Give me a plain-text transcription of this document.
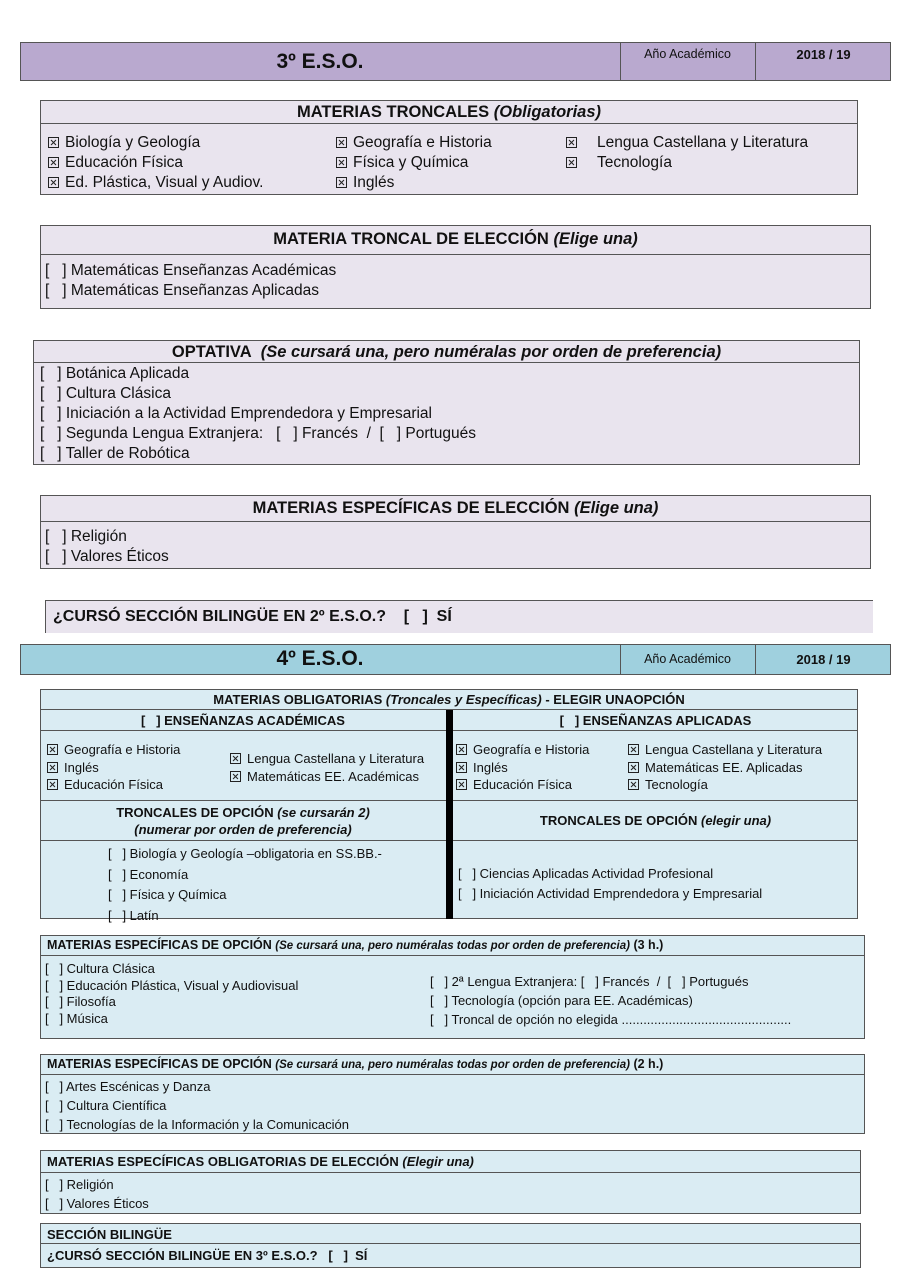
3º E.S.O.	Año Académico	2018 / 19
MATERIAS TRONCALES (Obligatorias)
Biología y Geología
Educación Física
Ed. Plástica, Visual y Audiov.
Geografía e Historia
Física y Química
Inglés
Lengua Castellana y Literatura
Tecnología
MATERIA TRONCAL DE ELECCIÓN (Elige una)
[   ] Matemáticas Enseñanzas Académicas
[   ] Matemáticas Enseñanzas Aplicadas
OPTATIVA (Se cursará una, pero numéralas por orden de preferencia)
[   ] Botánica Aplicada
[   ] Cultura Clásica
[   ] Iniciación a la Actividad Emprendedora y Empresarial
[   ] Segunda Lengua Extranjera:   [   ] Francés /  [   ] Portugués
[   ] Taller de Robótica
MATERIAS ESPECÍFICAS DE ELECCIÓN (Elige una)
[   ] Religión
[   ] Valores Éticos
¿CURSÓ SECCIÓN BILINGÜE EN 2º E.S.O.?    [   ]  SÍ
4º E.S.O.	Año Académico	2018 / 19
MATERIAS OBLIGATORIAS (Troncales y Específicas) - ELEGIR UNAOPCIÓN
[   ] ENSEÑANZAS ACADÉMICAS	[   ] ENSEÑANZAS APLICADAS
Geografía e Historia
Inglés
Educación Física
Lengua Castellana y Literatura
Matemáticas EE. Académicas
Geografía e Historia
Inglés
Educación Física
Lengua Castellana y Literatura
Matemáticas EE. Aplicadas
Tecnología
TRONCALES DE OPCIÓN (se cursarán 2)
(numerar por orden de preferencia)
TRONCALES DE OPCIÓN (elegir una)
[   ] Biología y Geología –obligatoria en SS.BB.-
[   ] Economía
[   ] Física y Química
[   ] Latín
[   ] Ciencias Aplicadas Actividad Profesional
[   ] Iniciación Actividad Emprendedora y Empresarial
MATERIAS ESPECÍFICAS DE OPCIÓN (Se cursará una, pero numéralas todas por orden de preferencia) (3 h.)
[   ] Cultura Clásica
[   ] Educación Plástica, Visual y Audiovisual
[   ] Filosofía
[   ] Música
[   ] 2ª Lengua Extranjera: [   ] Francés /  [   ] Portugués
[   ] Tecnología (opción para EE. Académicas)
[   ] Troncal de opción no elegida ...............................................
MATERIAS ESPECÍFICAS DE OPCIÓN (Se cursará una, pero numéralas todas por orden de preferencia) (2 h.)
[   ] Artes Escénicas y Danza
[   ] Cultura Científica
[   ] Tecnologías de la Información y la Comunicación
MATERIAS ESPECÍFICAS OBLIGATORIAS DE ELECCIÓN (Elegir una)
[   ] Religión
[   ] Valores Éticos
SECCIÓN BILINGÜE
¿CURSÓ SECCIÓN BILINGÜE EN 3º E.S.O.?   [   ]  SÍ
